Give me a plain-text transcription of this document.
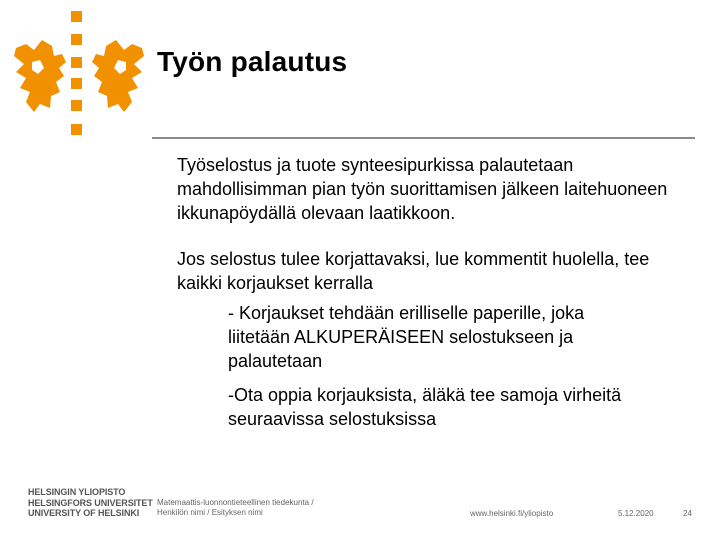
Työn palautus

Työselostus ja tuote synteesipurkissa palautetaan mahdollisimman pian työn suorittamisen jälkeen laitehuoneen ikkunapöydällä olevaan laatikkoon.

Jos selostus tulee korjattavaksi, lue kommentit huolella, tee kaikki korjaukset kerralla

- Korjaukset tehdään erilliselle paperille, joka liitetään ALKUPERÄISEEN selostukseen ja palautetaan

-Ota oppia korjauksista, äläkä tee samoja virheitä seuraavissa selostuksissa

HELSINGIN YLIOPISTO
HELSINGFORS UNIVERSITET
UNIVERSITY OF HELSINKI
Matemaattis-luonnontieteellinen tiedekunta /
Henkilön nimi / Esityksen nimi	www.helsinki.fi/yliopisto	5.12.2020	24
